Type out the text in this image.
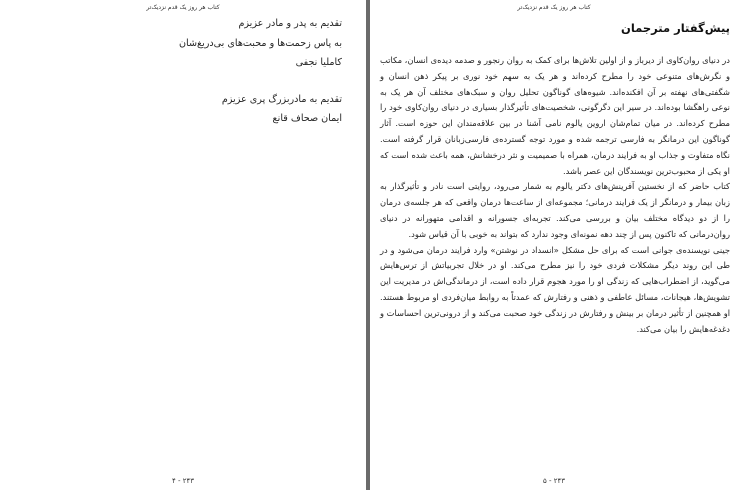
کتاب هر روز یک قدم نزدیک‌تر
تقدیم به پدر و مادر عزیزم
به پاس زحمت‌ها و محبت‌های بی‌دریغ‌شان
کاملیا نجفی
تقدیم به مادربزرگ پری عزیزم
ایمان صحاف قانع
۲۴۳ - ۴
کتاب هر روز یک قدم نزدیک‌تر
پیش‌گفتار مترجمان

در دنیای روان‌کاوی از دیرباز و از اولین تلاش‌ها برای کمک به روان رنجور و صدمه دیده‌ی انسان، مکاتب و نگرش‌های متنوعی خود را مطرح کرده‌اند و هر یک به سهم خود نوری بر پیکر ذهن انسان و شگفتی‌های نهفته بر آن افکنده‌اند. شیوه‌های گوناگون تحلیل روان و سبک‌های مختلف آن هر یک به نوعی راهگشا بوده‌اند. در سیر این دگرگونی، شخصیت‌های تأثیرگذار بسیاری در دنیای روان‌کاوی خود را مطرح کرده‌اند. در میان تمام‌شان اروین یالوم نامی آشنا در بین علاقه‌مندان این حوزه است. آثار گوناگون این درمانگر به فارسی ترجمه شده و مورد توجه گسترده‌ی فارسی‌زبانان قرار گرفته است. نگاه متفاوت و جذاب او به فرایند درمان، همراه با صمیمیت و نثر درخشانش، همه باعث شده است که او یکی از محبوب‌ترین نویسندگان این عصر باشد.

کتاب حاضر که از نخستین آفرینش‌های دکتر یالوم به شمار می‌رود، روایتی است نادر و تأثیرگذار به زبان بیمار و درمانگر از یک فرایند درمانی؛ مجموعه‌ای از ساعت‌ها درمان واقعی که هر جلسه‌ی درمان را از دو دیدگاه مختلف بیان و بررسی می‌کند. تجربه‌ای جسورانه و اقدامی متهورانه در دنیای روان‌درمانی که تاکنون پس از چند دهه نمونه‌ای وجود ندارد که بتواند به خوبی با آن قیاس شود.

جینی نویسنده‌ی جوانی است که برای حل مشکل «انسداد در نوشتن» وارد فرایند درمان می‌شود و در طی این روند دیگر مشکلات فردی خود را نیز مطرح می‌کند. او در خلال تجربیاتش از ترس‌هایش می‌گوید، از اضطراب‌هایی که زندگی او را مورد هجوم قرار داده است، از درماندگی‌اش در مدیریت این تشویش‌ها، هیجانات، مسائل عاطفی و ذهنی و رفتارش که عمدتاً به روابط میان‌فردی او مربوط هستند. او همچنین از تأثیر درمان بر بینش و رفتارش در زندگی خود صحبت می‌کند و از درونی‌ترین احساسات و دغدغه‌هایش را بیان می‌کند.

۲۴۳ - ۵
